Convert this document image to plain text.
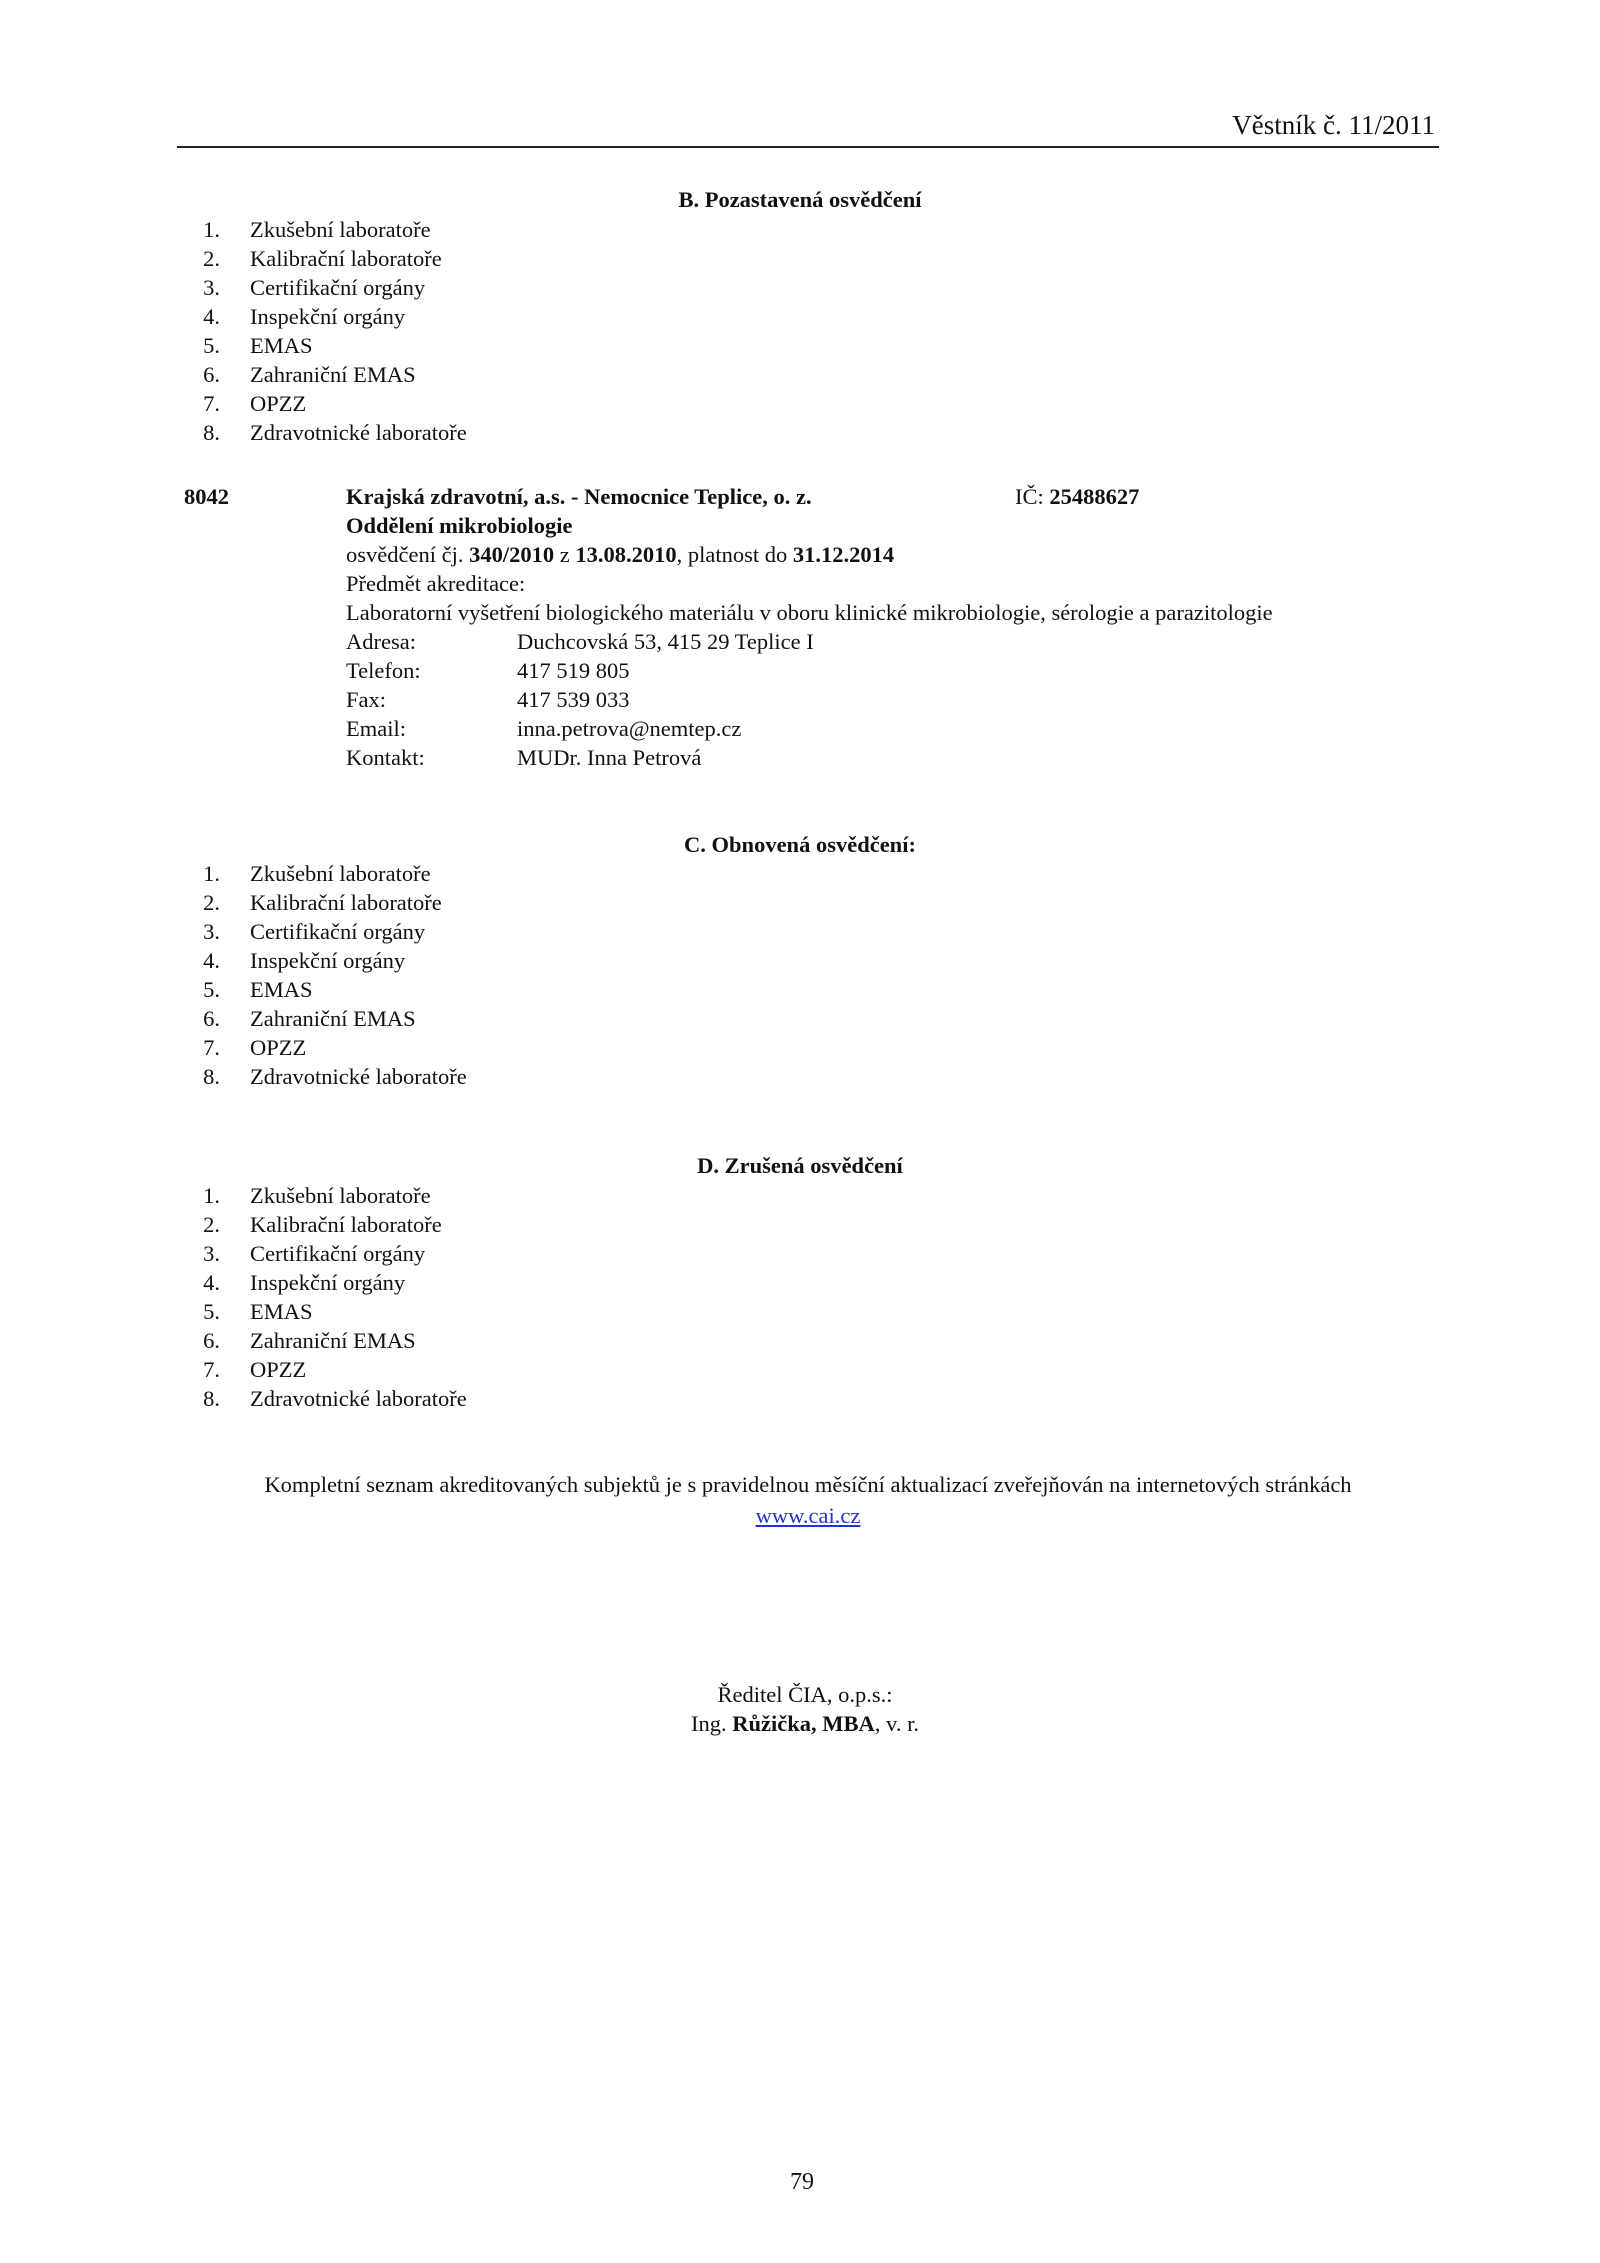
Věstník č. 11/2011
B. Pozastavená osvědčení
1. Zkušební laboratoře
2. Kalibrační laboratoře
3. Certifikační orgány
4. Inspekční orgány
5. EMAS
6. Zahraniční EMAS
7. OPZZ
8. Zdravotnické laboratoře
8042	IČ: 25488627
Krajská zdravotní, a.s. - Nemocnice Teplice, o. z.
Oddělení mikrobiologie
osvědčení čj. 340/2010 z 13.08.2010, platnost do 31.12.2014
Předmět akreditace:
Laboratorní vyšetření biologického materiálu v oboru klinické mikrobiologie, sérologie a parazitologie
Adresa:	Duchcovská 53, 415 29 Teplice I
Telefon:	417 519 805
Fax:	417 539 033
Email:	inna.petrova@nemtep.cz
Kontakt:	MUDr. Inna Petrová
C. Obnovená osvědčení:
1. Zkušební laboratoře
2. Kalibrační laboratoře
3. Certifikační orgány
4. Inspekční orgány
5. EMAS
6. Zahraniční EMAS
7. OPZZ
8. Zdravotnické laboratoře
D. Zrušená osvědčení
1. Zkušební laboratoře
2. Kalibrační laboratoře
3. Certifikační orgány
4. Inspekční orgány
5. EMAS
6. Zahraniční EMAS
7. OPZZ
8. Zdravotnické laboratoře
Kompletní seznam akreditovaných subjektů je s pravidelnou měsíční aktualizací zveřejňován na internetových stránkách
www.cai.cz
Ředitel ČIA, o.p.s.:
Ing. Růžička, MBA, v. r.
79
